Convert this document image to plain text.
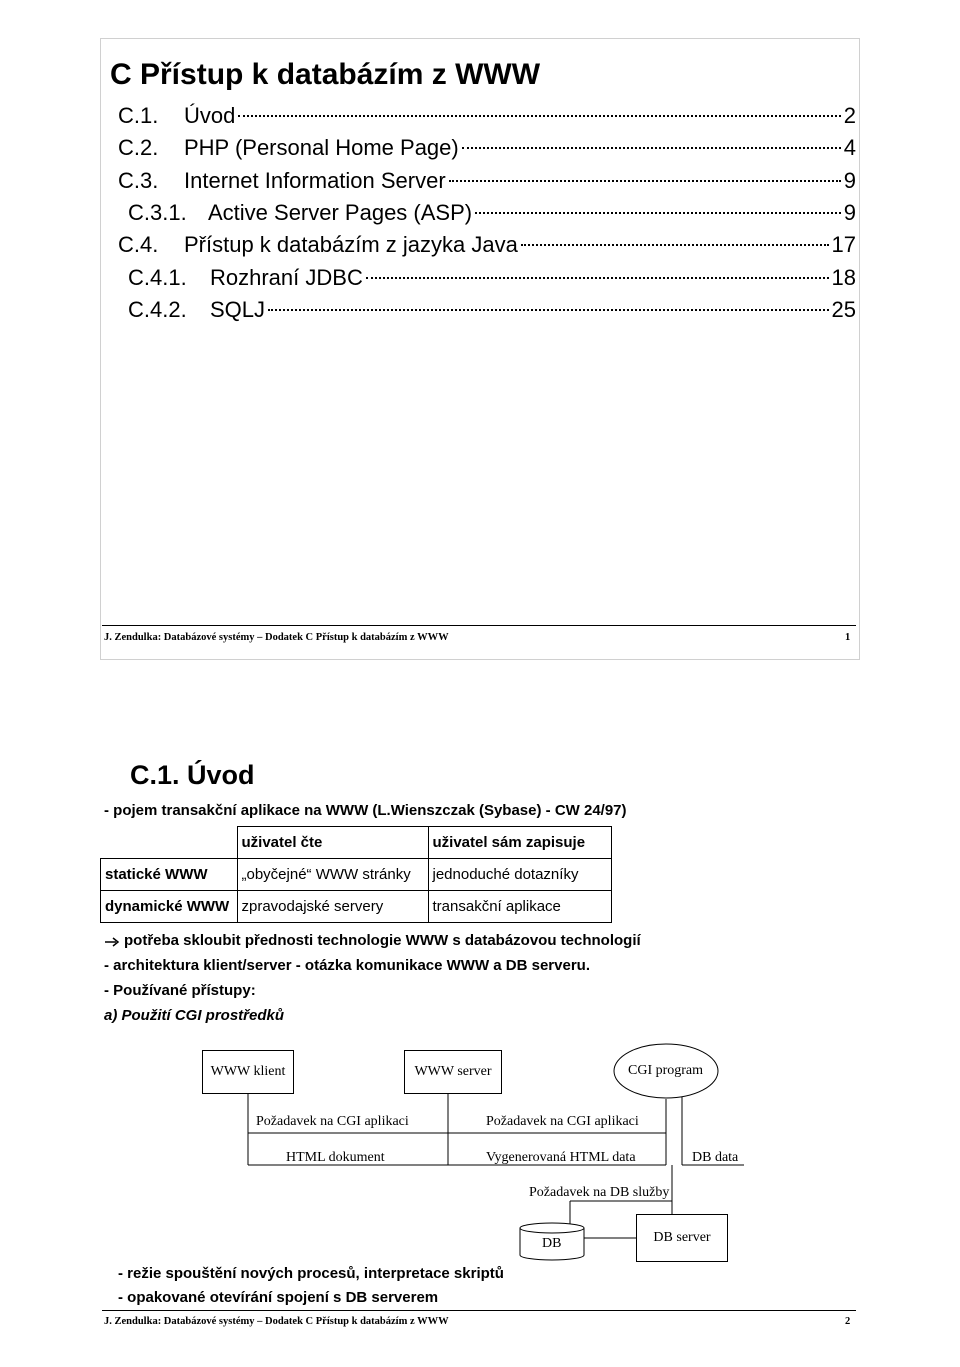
C Přístup k databázím z WWW
C.1.	Úvod	2
C.2.	PHP (Personal Home Page)	4
C.3.	Internet Information Server	9
C.3.1. Active Server Pages (ASP)	9
C.4.	Přístup k databázím z jazyka Java	17
C.4.1.	Rozhraní JDBC	18
C.4.2.	SQLJ	25
J. Zendulka: Databázové systémy – Dodatek C Přístup k databázím z WWW	1
C.1. Úvod
- pojem transakční aplikace na WWW (L.Wienszczak (Sybase) - CW 24/97)
	uživatel čte	uživatel sám zapisuje
statické WWW	„obyčejné“ WWW stránky	jednoduché dotazníky
dynamické WWW	zpravodajské servery	transakční aplikace
potřeba skloubit přednosti technologie WWW s databázovou technologií
- architektura klient/server - otázka komunikace WWW a DB serveru.
- Používané přístupy:
a) Použití CGI prostředků
WWW klient	WWW server	CGI program
Požadavek na CGI aplikaci	Požadavek na CGI aplikaci
HTML dokument	Vygenerovaná HTML data	DB data
Požadavek na DB služby
DB	DB server
- režie spouštění nových procesů, interpretace skriptů
- opakované otevírání spojení s DB serverem
J. Zendulka: Databázové systémy – Dodatek C Přístup k databázím z WWW	2
